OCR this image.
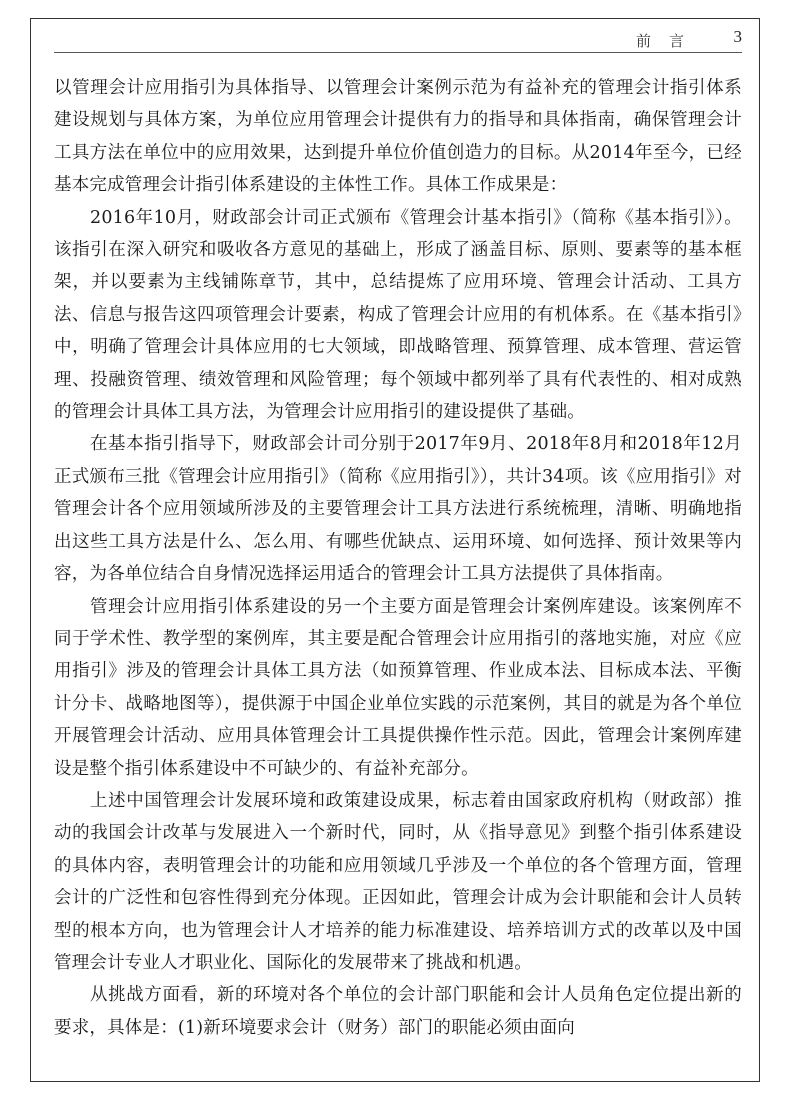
前言 3

以管理会计应用指引为具体指导、以管理会计案例示范为有益补充的管理会计指引体系建设规划与具体方案，为单位应用管理会计提供有力的指导和具体指南，确保管理会计工具方法在单位中的应用效果，达到提升单位价值创造力的目标。从2014年至今，已经基本完成管理会计指引体系建设的主体性工作。具体工作成果是：

2016年10月，财政部会计司正式颁布《管理会计基本指引》（简称《基本指引》）。该指引在深入研究和吸收各方意见的基础上，形成了涵盖目标、原则、要素等的基本框架，并以要素为主线铺陈章节，其中，总结提炼了应用环境、管理会计活动、工具方法、信息与报告这四项管理会计要素，构成了管理会计应用的有机体系。在《基本指引》中，明确了管理会计具体应用的七大领域，即战略管理、预算管理、成本管理、营运管理、投融资管理、绩效管理和风险管理；每个领域中都列举了具有代表性的、相对成熟的管理会计具体工具方法，为管理会计应用指引的建设提供了基础。

在基本指引指导下，财政部会计司分别于2017年9月、2018年8月和2018年12月正式颁布三批《管理会计应用指引》（简称《应用指引》），共计34项。该《应用指引》对管理会计各个应用领域所涉及的主要管理会计工具方法进行系统梳理，清晰、明确地指出这些工具方法是什么、怎么用、有哪些优缺点、运用环境、如何选择、预计效果等内容，为各单位结合自身情况选择运用适合的管理会计工具方法提供了具体指南。

管理会计应用指引体系建设的另一个主要方面是管理会计案例库建设。该案例库不同于学术性、教学型的案例库，其主要是配合管理会计应用指引的落地实施，对应《应用指引》涉及的管理会计具体工具方法（如预算管理、作业成本法、目标成本法、平衡计分卡、战略地图等），提供源于中国企业单位实践的示范案例，其目的就是为各个单位开展管理会计活动、应用具体管理会计工具提供操作性示范。因此，管理会计案例库建设是整个指引体系建设中不可缺少的、有益补充部分。

上述中国管理会计发展环境和政策建设成果，标志着由国家政府机构（财政部）推动的我国会计改革与发展进入一个新时代，同时，从《指导意见》到整个指引体系建设的具体内容，表明管理会计的功能和应用领域几乎涉及一个单位的各个管理方面，管理会计的广泛性和包容性得到充分体现。正因如此，管理会计成为会计职能和会计人员转型的根本方向，也为管理会计人才培养的能力标准建设、培养培训方式的改革以及中国管理会计专业人才职业化、国际化的发展带来了挑战和机遇。

从挑战方面看，新的环境对各个单位的会计部门职能和会计人员角色定位提出新的要求，具体是：(1)新环境要求会计（财务）部门的职能必须由面向
